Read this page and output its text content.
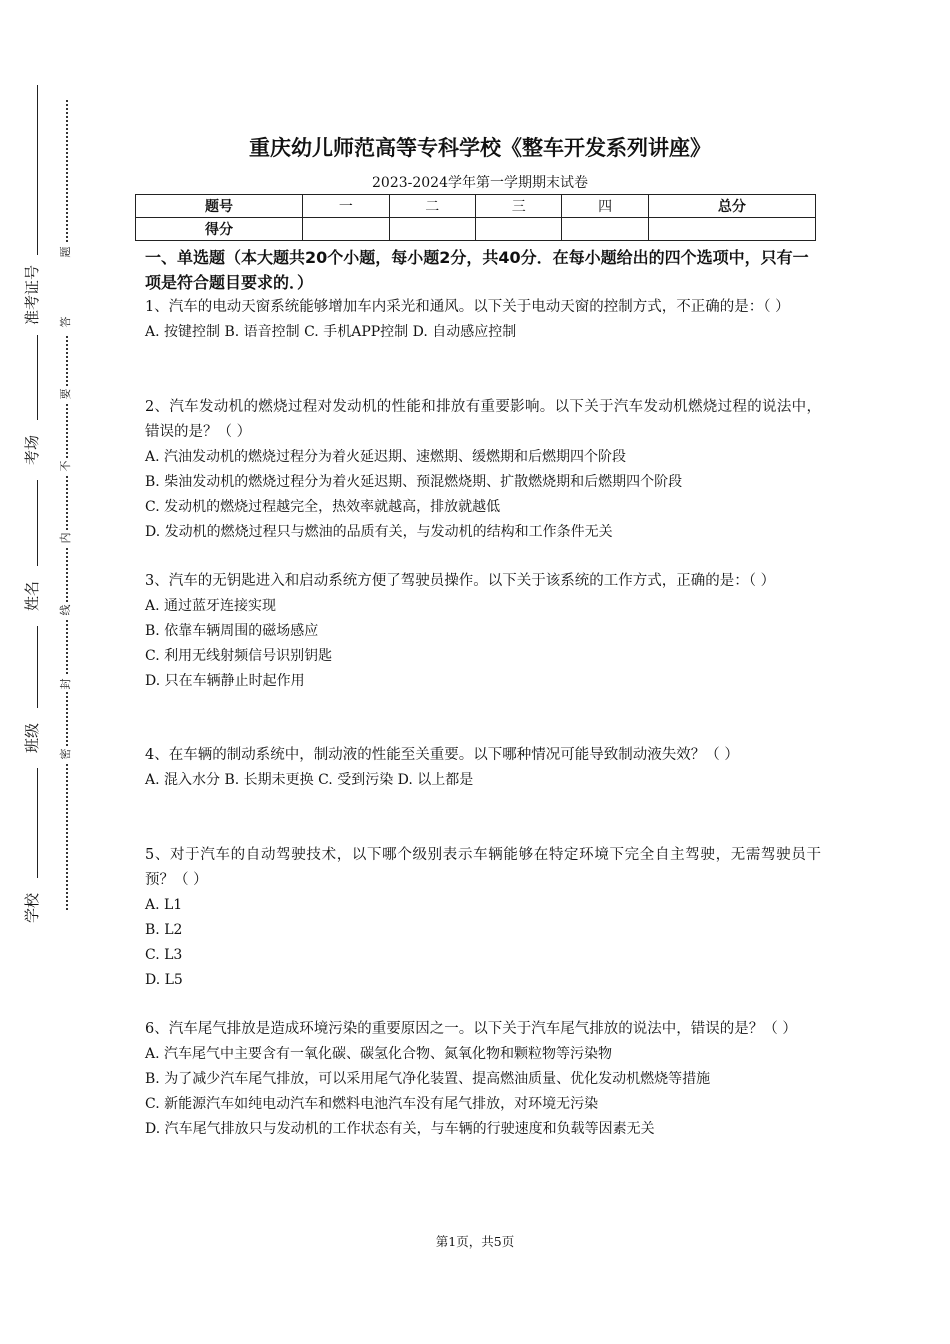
准考证号
考场
姓名
班级
学校
题
答
要
不
内
线
封
密
重庆幼儿师范高等专科学校《整车开发系列讲座》
2023-2024学年第一学期期末试卷
题号	一	二	三	四	总分
得分					
一、单选题（本大题共20个小题，每小题2分，共40分．在每小题给出的四个选项中，只有一项是符合题目要求的．）

1、汽车的电动天窗系统能够增加车内采光和通风。以下关于电动天窗的控制方式，不正确的是：（ ）

A. 按键控制 B. 语音控制 C. 手机APP控制 D. 自动感应控制

2、汽车发动机的燃烧过程对发动机的性能和排放有重要影响。以下关于汽车发动机燃烧过程的说法中，错误的是？（ ）

A. 汽油发动机的燃烧过程分为着火延迟期、速燃期、缓燃期和后燃期四个阶段

B. 柴油发动机的燃烧过程分为着火延迟期、预混燃烧期、扩散燃烧期和后燃期四个阶段

C. 发动机的燃烧过程越完全，热效率就越高，排放就越低

D. 发动机的燃烧过程只与燃油的品质有关，与发动机的结构和工作条件无关

3、汽车的无钥匙进入和启动系统方便了驾驶员操作。以下关于该系统的工作方式，正确的是：（ ）

A. 通过蓝牙连接实现

B. 依靠车辆周围的磁场感应

C. 利用无线射频信号识别钥匙

D. 只在车辆静止时起作用

4、在车辆的制动系统中，制动液的性能至关重要。以下哪种情况可能导致制动液失效？（ ）

A. 混入水分 B. 长期未更换 C. 受到污染 D. 以上都是

5、对于汽车的自动驾驶技术，以下哪个级别表示车辆能够在特定环境下完全自主驾驶，无需驾驶员干预？（ ）

A. L1

B. L2

C. L3

D. L5

6、汽车尾气排放是造成环境污染的重要原因之一。以下关于汽车尾气排放的说法中，错误的是？（ ）

A. 汽车尾气中主要含有一氧化碳、碳氢化合物、氮氧化物和颗粒物等污染物

B. 为了减少汽车尾气排放，可以采用尾气净化装置、提高燃油质量、优化发动机燃烧等措施

C. 新能源汽车如纯电动汽车和燃料电池汽车没有尾气排放，对环境无污染

D. 汽车尾气排放只与发动机的工作状态有关，与车辆的行驶速度和负载等因素无关

第1页，共5页
